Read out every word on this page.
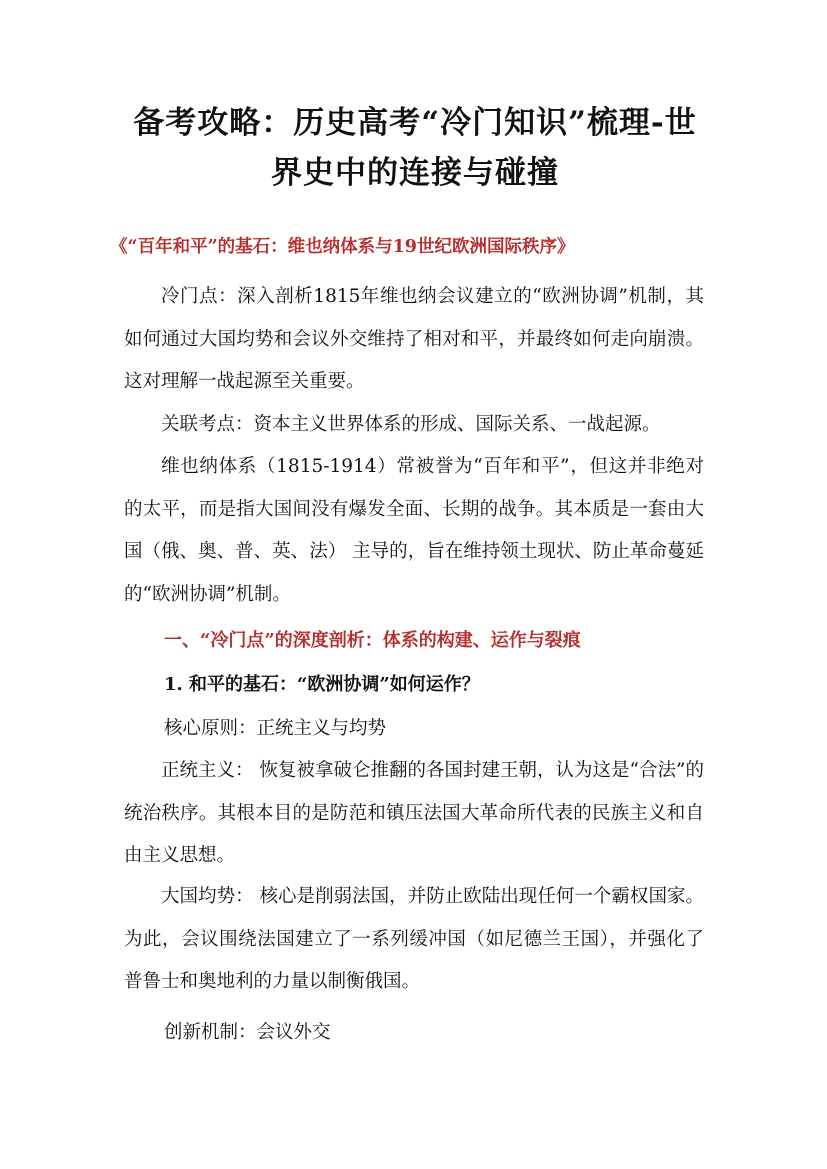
备考攻略：历史高考“冷门知识”梳理-世
界史中的连接与碰撞
《“百年和平”的基石：维也纳体系与19世纪欧洲国际秩序》
冷门点：深入剖析1815年维也纳会议建立的“欧洲协调”机制，其如何通过大国均势和会议外交维持了相对和平，并最终如何走向崩溃。这对理解一战起源至关重要。
关联考点：资本主义世界体系的形成、国际关系、一战起源。
维也纳体系（1815-1914）常被誉为“百年和平”，但这并非绝对的太平，而是指大国间没有爆发全面、长期的战争。其本质是一套由大国（俄、奥、普、英、法） 主导的，旨在维持领土现状、防止革命蔓延的“欧洲协调”机制。
一、“冷门点”的深度剖析：体系的构建、运作与裂痕
1. 和平的基石：“欧洲协调”如何运作？
核心原则：正统主义与均势
正统主义： 恢复被拿破仑推翻的各国封建王朝，认为这是“合法”的统治秩序。其根本目的是防范和镇压法国大革命所代表的民族主义和自由主义思想。
大国均势： 核心是削弱法国，并防止欧陆出现任何一个霸权国家。为此，会议围绕法国建立了一系列缓冲国（如尼德兰王国），并强化了普鲁士和奥地利的力量以制衡俄国。
创新机制：会议外交
